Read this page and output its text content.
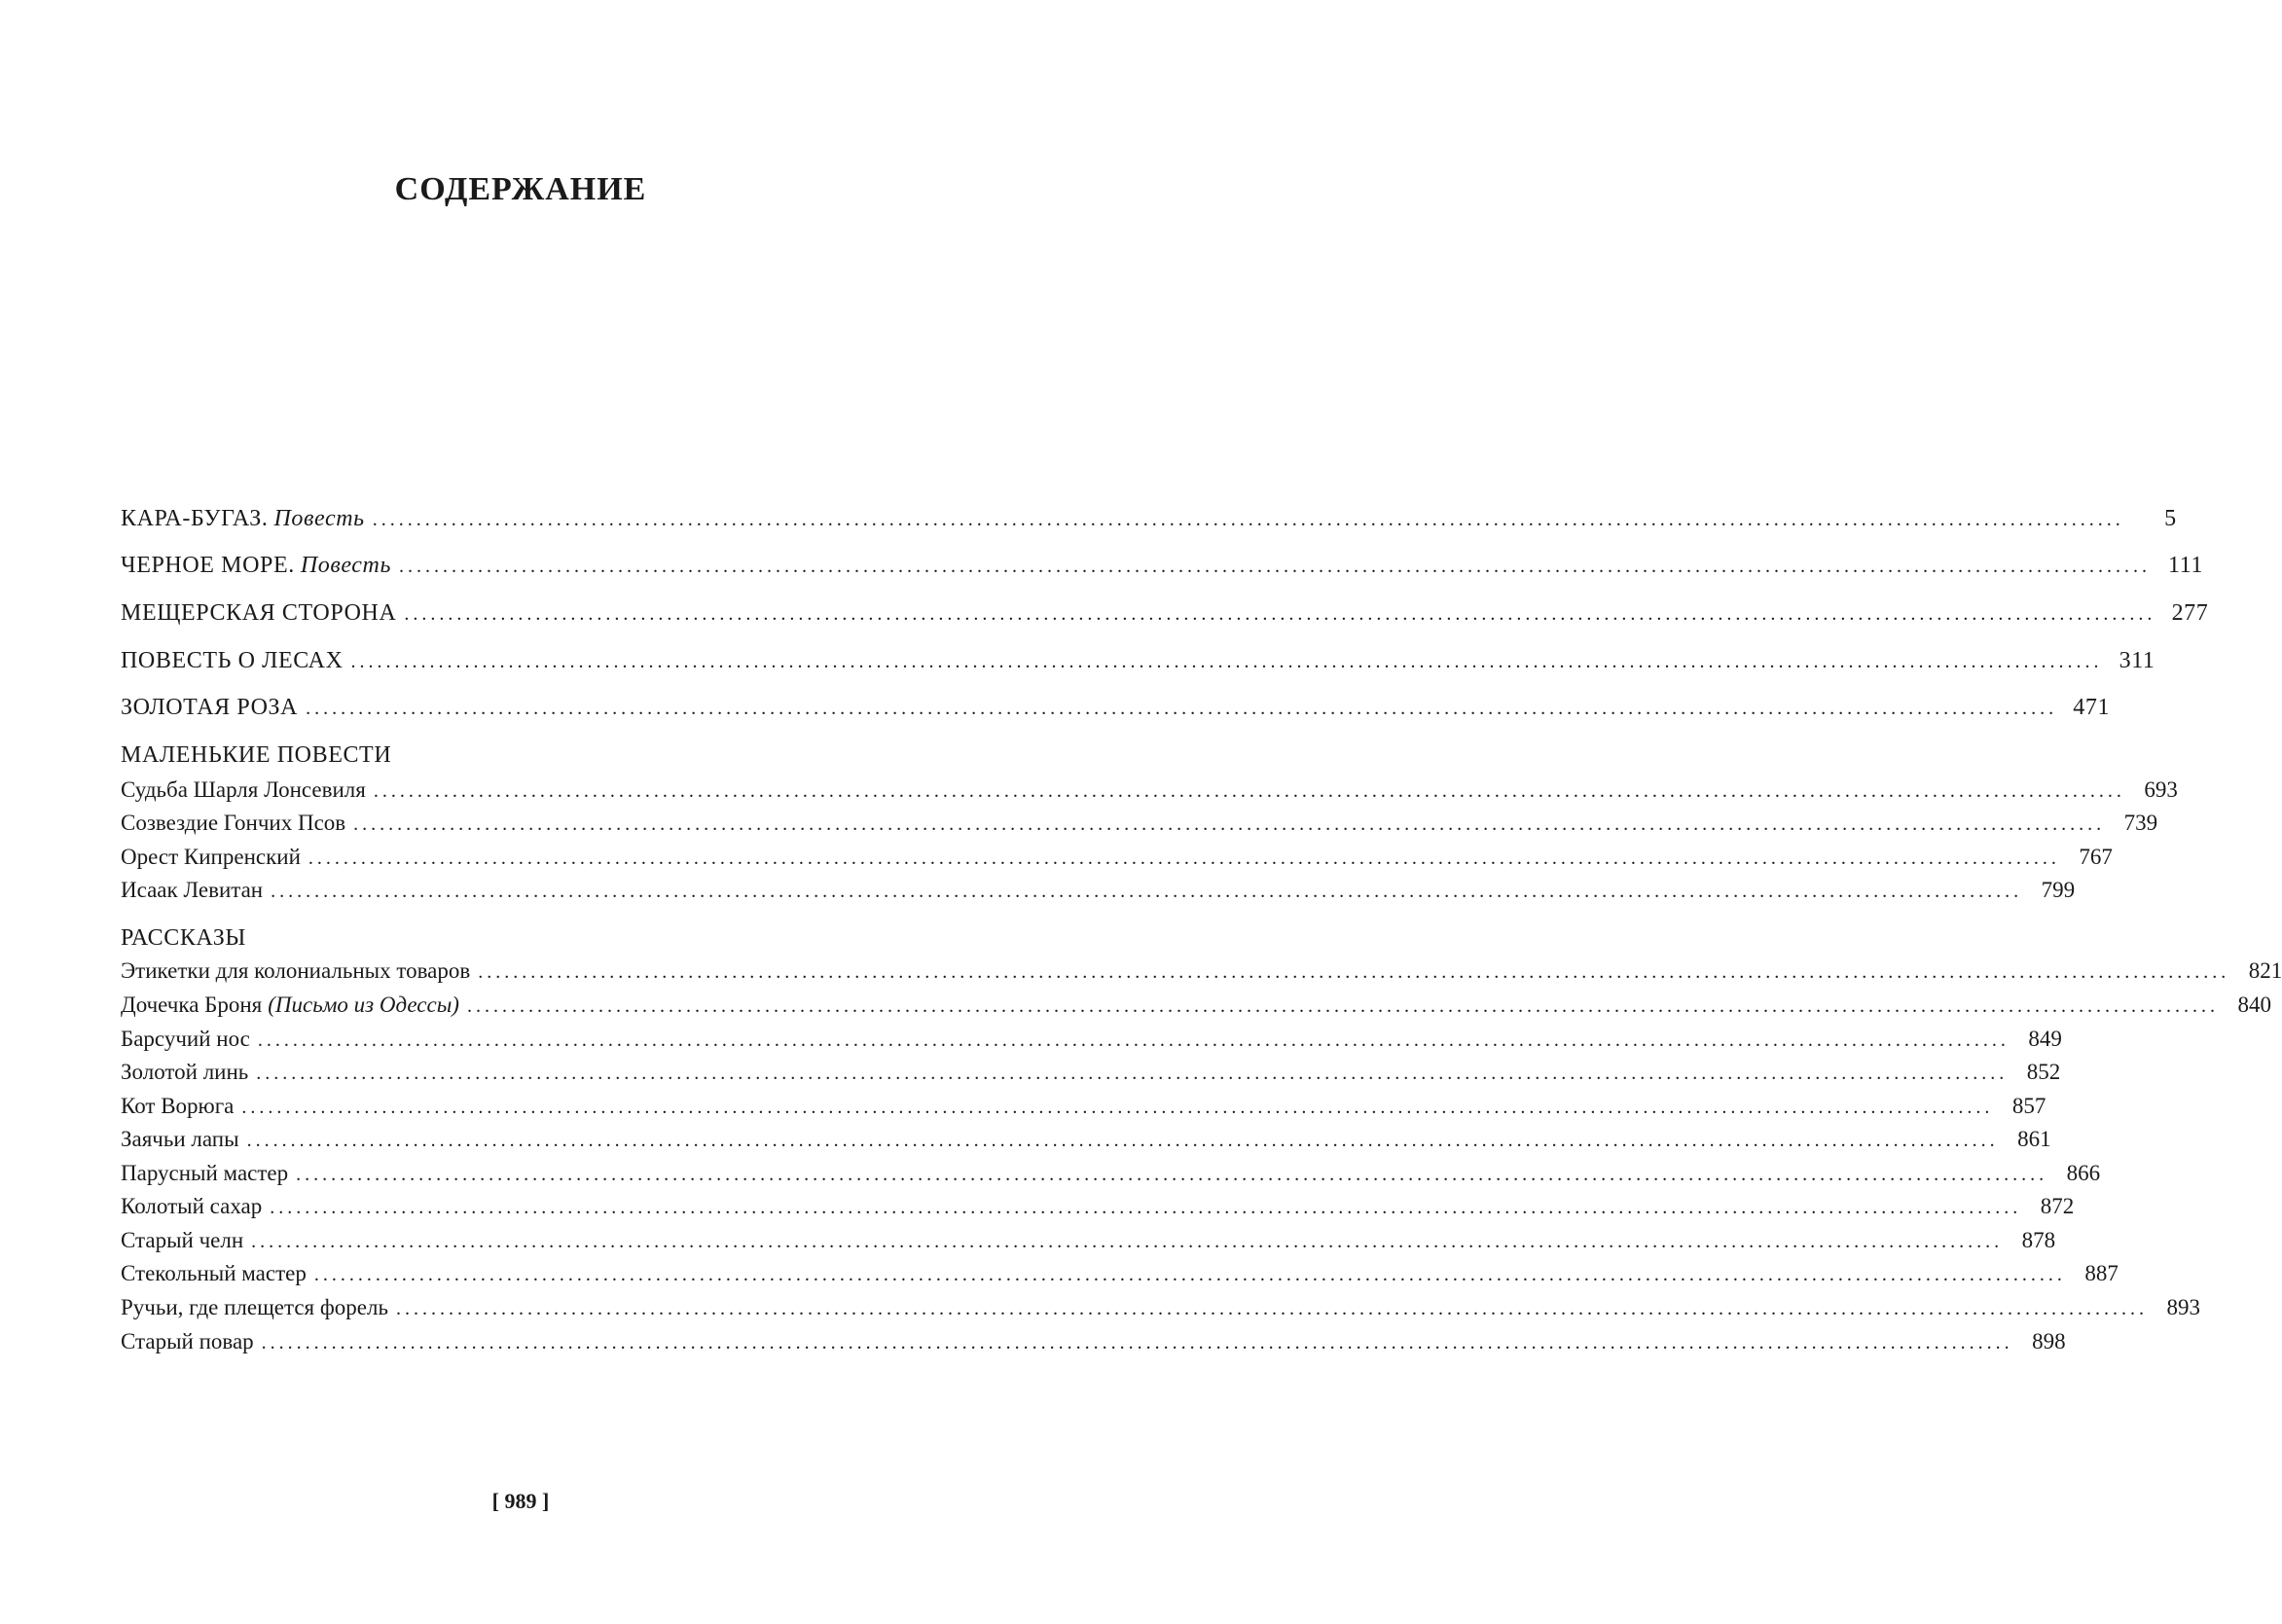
СОДЕРЖАНИЕ
КАРА-БУГАЗ. Повесть ........................................................................................................................................................................................................	5
ЧЕРНОЕ МОРЕ. Повесть ........................................................................................................................................................................................................ 111
МЕЩЕРСКАЯ СТОРОНА ........................................................................................................................................................................................................ 277
ПОВЕСТЬ О ЛЕСАХ ........................................................................................................................................................................................................ 311
ЗОЛОТАЯ РОЗА ........................................................................................................................................................................................................ 471
МАЛЕНЬКИЕ ПОВЕСТИ
Судьба Шарля Лонсевиля ........................................................................................................................................................................................................ 693
Созвездие Гончих Псов ........................................................................................................................................................................................................ 739
Орест Кипренский ........................................................................................................................................................................................................ 767
Исаак Левитан ........................................................................................................................................................................................................ 799
РАССКАЗЫ
Этикетки для колониальных товаров ........................................................................................................................................................................................................ 821
Дочечка Броня (Письмо из Одессы) ........................................................................................................................................................................................................ 840
Барсучий нос ........................................................................................................................................................................................................ 849
Золотой линь ........................................................................................................................................................................................................ 852
Кот Ворюга ........................................................................................................................................................................................................ 857
Заячьи лапы ........................................................................................................................................................................................................ 861
Парусный мастер ........................................................................................................................................................................................................ 866
Колотый сахар ........................................................................................................................................................................................................ 872
Старый челн ........................................................................................................................................................................................................ 878
Стекольный мастер ........................................................................................................................................................................................................ 887
Ручьи, где плещется форель ........................................................................................................................................................................................................ 893
Старый повар ........................................................................................................................................................................................................ 898
[ 989 ]
